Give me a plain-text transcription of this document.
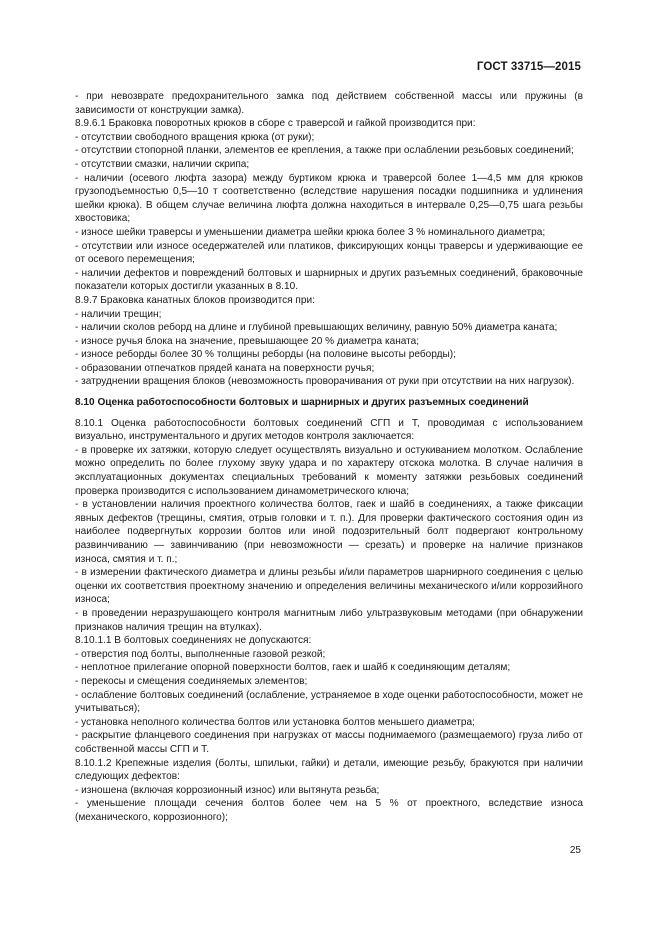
ГОСТ 33715—2015

- при невозврате предохранительного замка под действием собственной массы или пружины (в зависимости от конструкции замка).

8.9.6.1 Браковка поворотных крюков в сборе с траверсой и гайкой производится при:

- отсутствии свободного вращения крюка (от руки);

- отсутствии стопорной планки, элементов ее крепления, а также при ослаблении резьбовых соединений;

- отсутствии смазки, наличии скрипа;

- наличии (осевого люфта зазора) между буртиком крюка и траверсой более 1—4,5 мм для крюков грузоподъемностью 0,5—10 т соответственно (вследствие нарушения посадки подшипника и удлинения шейки крюка). В общем случае величина люфта должна находиться в интервале 0,25—0,75 шага резьбы хвостовика;

- износе шейки траверсы и уменьшении диаметра шейки крюка более 3 % номинального диаметра;

- отсутствии или износе оседержателей или платиков, фиксирующих концы траверсы и удерживающие ее от осевого перемещения;

- наличии дефектов и повреждений болтовых и шарнирных и других разъемных соединений, браковочные показатели которых достигли указанных в 8.10.

8.9.7 Браковка канатных блоков производится при:

- наличии трещин;

- наличии сколов реборд на длине и глубиной превышающих величину, равную 50% диаметра каната;

- износе ручья блока на значение, превышающее 20 % диаметра каната;

- износе реборды более 30 % толщины реборды (на половине высоты реборды);

- образовании отпечатков прядей каната на поверхности ручья;

- затруднении вращения блоков (невозможность проворачивания от руки при отсутствии на них нагрузок).

8.10 Оценка работоспособности болтовых и шарнирных и других разъемных соединений

8.10.1 Оценка работоспособности болтовых соединений СГП и Т, проводимая с использованием визуально, инструментального и других методов контроля заключается:

- в проверке их затяжки, которую следует осуществлять визуально и остукиванием молотком. Ослабление можно определить по более глухому звуку удара и по характеру отскока молотка. В случае наличия в эксплуатационных документах специальных требований к моменту затяжки резьбовых соединений проверка производится с использованием динамометрического ключа;

- в установлении наличия проектного количества болтов, гаек и шайб в соединениях, а также фиксации явных дефектов (трещины, смятия, отрыв головки и т. п.). Для проверки фактического состояния один из наиболее подвергнутых коррозии болтов или иной подозрительный болт подвергают контрольному развинчиванию — завинчиванию (при невозможности — срезать) и проверке на наличие признаков износа, смятия и т. п.;

- в измерении фактического диаметра и длины резьбы и/или параметров шарнирного соединения с целью оценки их соответствия проектному значению и определения величины механического и/или коррозийного износа;

- в проведении неразрушающего контроля магнитным либо ультразвуковым методами (при обнаружении признаков наличия трещин на втулках).

8.10.1.1 В болтовых соединениях не допускаются:

- отверстия под болты, выполненные газовой резкой;

- неплотное прилегание опорной поверхности болтов, гаек и шайб к соединяющим деталям;

- перекосы и смещения соединяемых элементов;

- ослабление болтовых соединений (ослабление, устраняемое в ходе оценки работоспособности, может не учитываться);

- установка неполного количества болтов или установка болтов меньшего диаметра;

- раскрытие фланцевого соединения при нагрузках от массы поднимаемого (размещаемого) груза либо от собственной массы СГП и Т.

8.10.1.2 Крепежные изделия (болты, шпильки, гайки) и детали, имеющие резьбу, бракуются при наличии следующих дефектов:

- изношена (включая коррозионный износ) или вытянута резьба;

- уменьшение площади сечения болтов более чем на 5 % от проектного, вследствие износа (механического, коррозионного);

25
